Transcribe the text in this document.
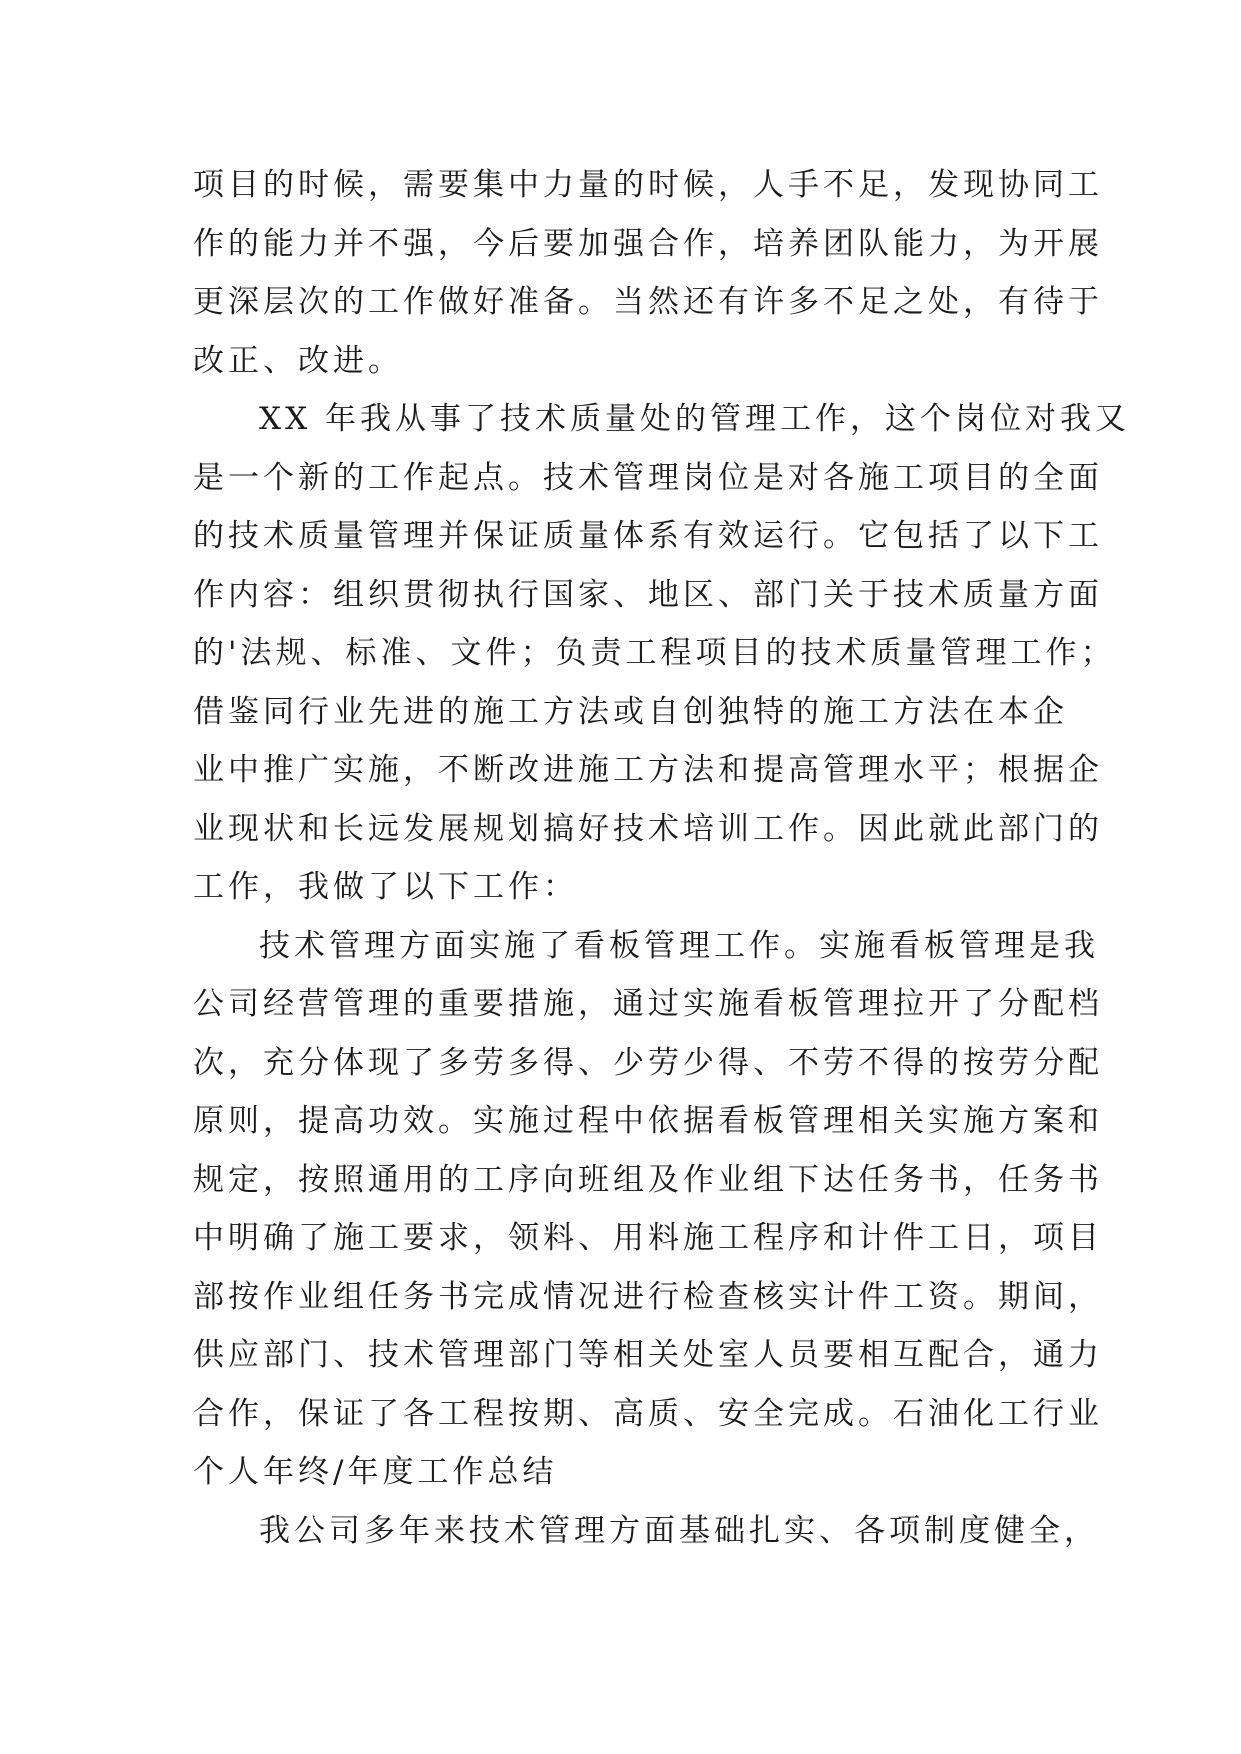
项目的时候，需要集中力量的时候，人手不足，发现协同工
作的能力并不强，今后要加强合作，培养团队能力，为开展
更深层次的工作做好准备。当然还有许多不足之处，有待于
改正、改进。
XX 年我从事了技术质量处的管理工作，这个岗位对我又
是一个新的工作起点。技术管理岗位是对各施工项目的全面
的技术质量管理并保证质量体系有效运行。它包括了以下工
作内容：组织贯彻执行国家、地区、部门关于技术质量方面
的'法规、标准、文件；负责工程项目的技术质量管理工作；
借鉴同行业先进的施工方法或自创独特的施工方法在本企
业中推广实施，不断改进施工方法和提高管理水平；根据企
业现状和长远发展规划搞好技术培训工作。因此就此部门的
工作，我做了以下工作：
技术管理方面实施了看板管理工作。实施看板管理是我
公司经营管理的重要措施，通过实施看板管理拉开了分配档
次，充分体现了多劳多得、少劳少得、不劳不得的按劳分配
原则，提高功效。实施过程中依据看板管理相关实施方案和
规定，按照通用的工序向班组及作业组下达任务书，任务书
中明确了施工要求，领料、用料施工程序和计件工日，项目
部按作业组任务书完成情况进行检查核实计件工资。期间，
供应部门、技术管理部门等相关处室人员要相互配合，通力
合作，保证了各工程按期、高质、安全完成。石油化工行业
个人年终/年度工作总结
我公司多年来技术管理方面基础扎实、各项制度健全，
